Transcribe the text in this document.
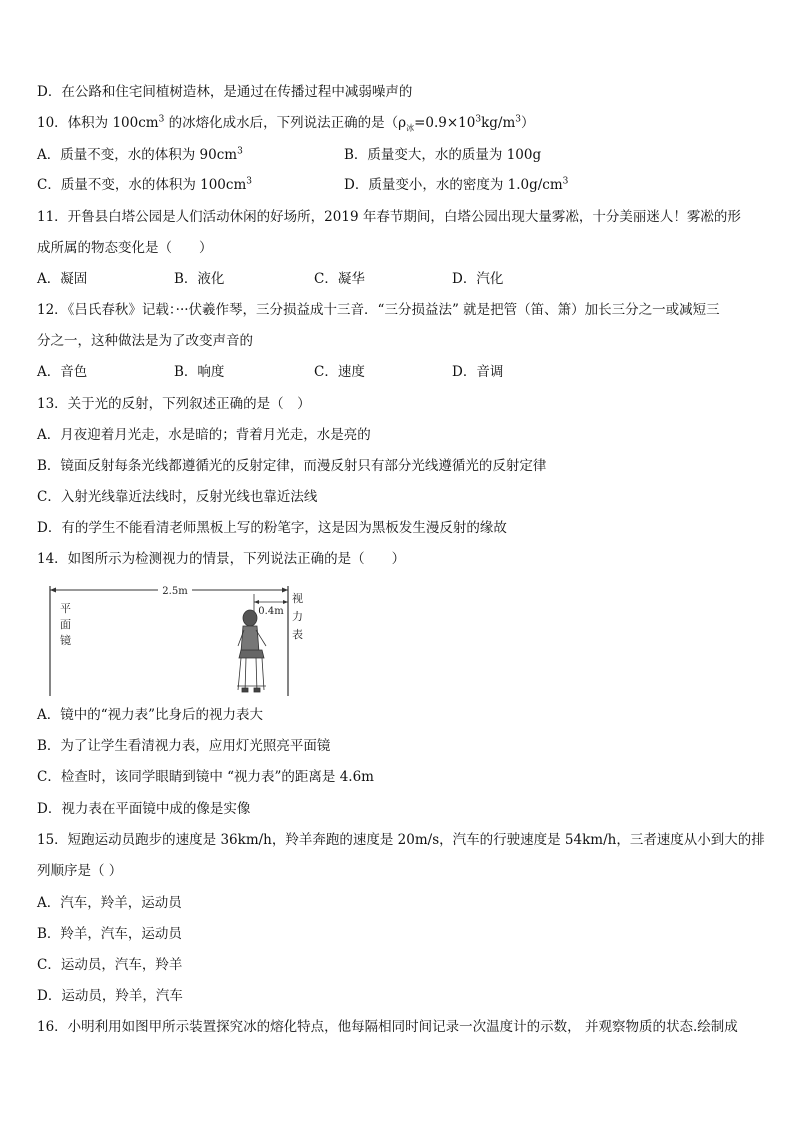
D．在公路和住宅间植树造林，是通过在传播过程中减弱噪声的
10．体积为 $100cm^3$ 的冰熔化成水后，下列说法正确的是$(\rho_冰=0.9\times 10^3kg/m^3)$
A．质量不变，水的体积为 $90cm^3$	B．质量变大，水的质量为 100g
C．质量不变，水的体积为 $100cm^3$	D．质量变小，水的密度为 $1.0g/cm^3$
11．开鲁县白塔公园是人们活动休闲的好场所，2019 年春节期间，白塔公园出现大量雾凇，十分美丽迷人！雾凇的形
成所属的物态变化是（　　）
A．凝固	B．液化	C．凝华	D．汽化
12．《吕氏春秋》记载：···伏羲作琴，三分损益成十三音．“三分损益法” 就是把管（笛、箫）加长三分之一或减短三
分之一，这种做法是为了改变声音的
A．音色	B．响度	C．速度	D．音调
13．关于光的反射，下列叙述正确的是（　）
A．月夜迎着月光走，水是暗的；背着月光走，水是亮的
B．镜面反射每条光线都遵循光的反射定律，而漫反射只有部分光线遵循光的反射定律
C．入射光线靠近法线时，反射光线也靠近法线
D．有的学生不能看清老师黑板上写的粉笔字，这是因为黑板发生漫反射的缘故
14．如图所示为检测视力的情景，下列说法正确的是（　　）
2.5m
0.4m
平
面
镜
视
力
表
A．镜中的“视力表”比身后的视力表大
B．为了让学生看清视力表，应用灯光照亮平面镜
C．检查时，该同学眼睛到镜中 “视力表”的距离是 4.6m
D．视力表在平面镜中成的像是实像
15．短跑运动员跑步的速度是 36km/h，羚羊奔跑的速度是 20m/s，汽车的行驶速度是 54km/h，三者速度从小到大的排
列顺序是（ ）
A．汽车，羚羊，运动员
B．羚羊，汽车，运动员
C．运动员，汽车，羚羊
D．运动员，羚羊，汽车
16．小明利用如图甲所示装置探究冰的熔化特点，他每隔相同时间记录一次温度计的示数， 并观察物质的状态.绘制成
